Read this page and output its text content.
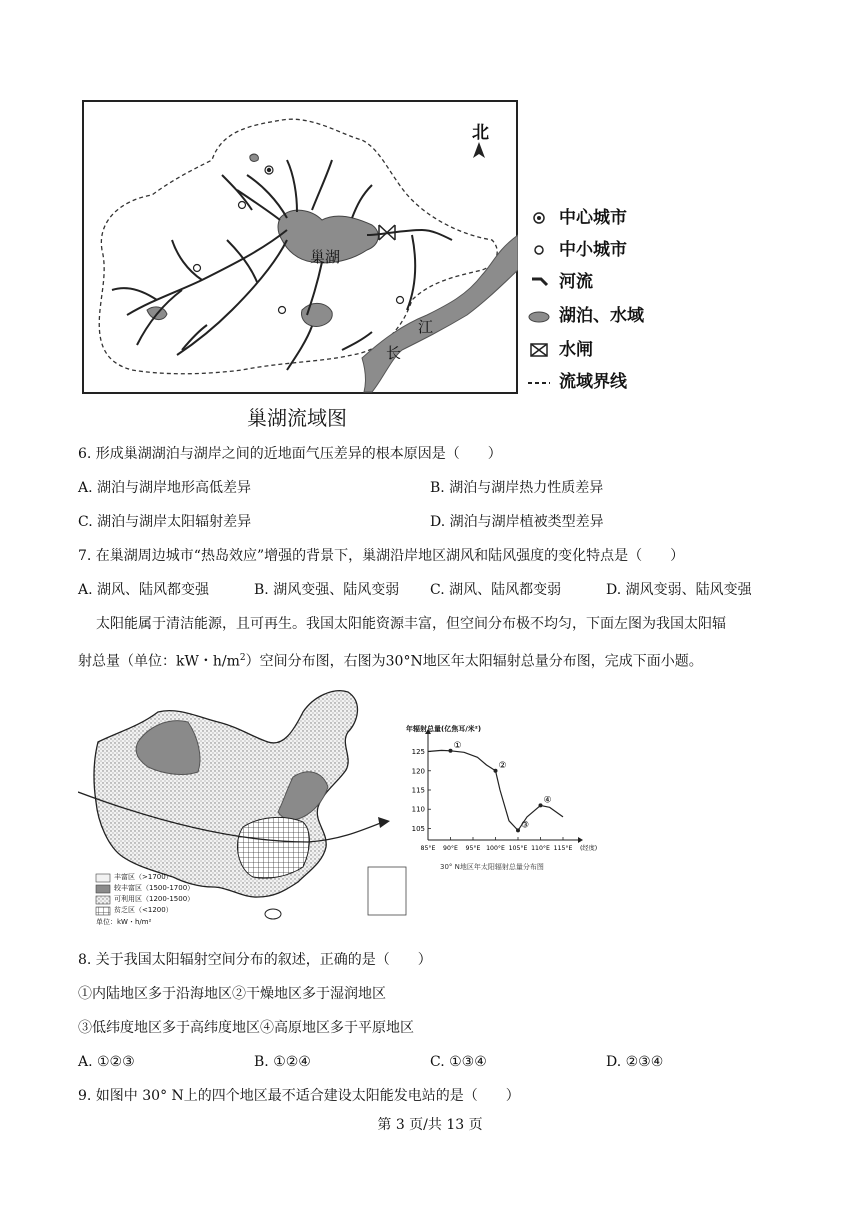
北
巢湖
江
长
中心城市
中小城市
河流
湖泊、水域
水闸
流域界线
巢湖流域图
6. 形成巢湖湖泊与湖岸之间的近地面气压差异的根本原因是（　　）
A. 湖泊与湖岸地形高低差异	B. 湖泊与湖岸热力性质差异
C. 湖泊与湖岸太阳辐射差异	D. 湖泊与湖岸植被类型差异
7. 在巢湖周边城市“热岛效应”增强的背景下，巢湖沿岸地区湖风和陆风强度的变化特点是（　　）
A. 湖风、陆风都变强	B. 湖风变强、陆风变弱 C. 湖风、陆风都变弱	D. 湖风变弱、陆风变强
太阳能属于清洁能源，且可再生。我国太阳能资源丰富，但空间分布极不均匀，下面左图为我国太阳辐
射总量（单位：kW・$h/m^2$）空间分布图，右图为30°N地区年太阳辐射总量分布图，完成下面小题。
丰富区（>1700）
较丰富区（1500-1700）
可利用区（1200-1500）
贫乏区（<1200）
单位：kW・h/m²
105
110
115
120
125
85°E 90°E 95°E 100°E 105°E 110°E 115°E (经度)
①
②
③
④
年辐射总量(亿焦耳/米²)
30° N地区年太阳辐射总量分布图
8. 关于我国太阳辐射空间分布的叙述，正确的是（　　）
①内陆地区多于沿海地区②干燥地区多于湿润地区
③低纬度地区多于高纬度地区④高原地区多于平原地区
A. ①②③	B. ①②④	C. ①③④	D. ②③④
9. 如图中 30° N上的四个地区最不适合建设太阳能发电站的是（　　）
第 3 页/共 13 页
